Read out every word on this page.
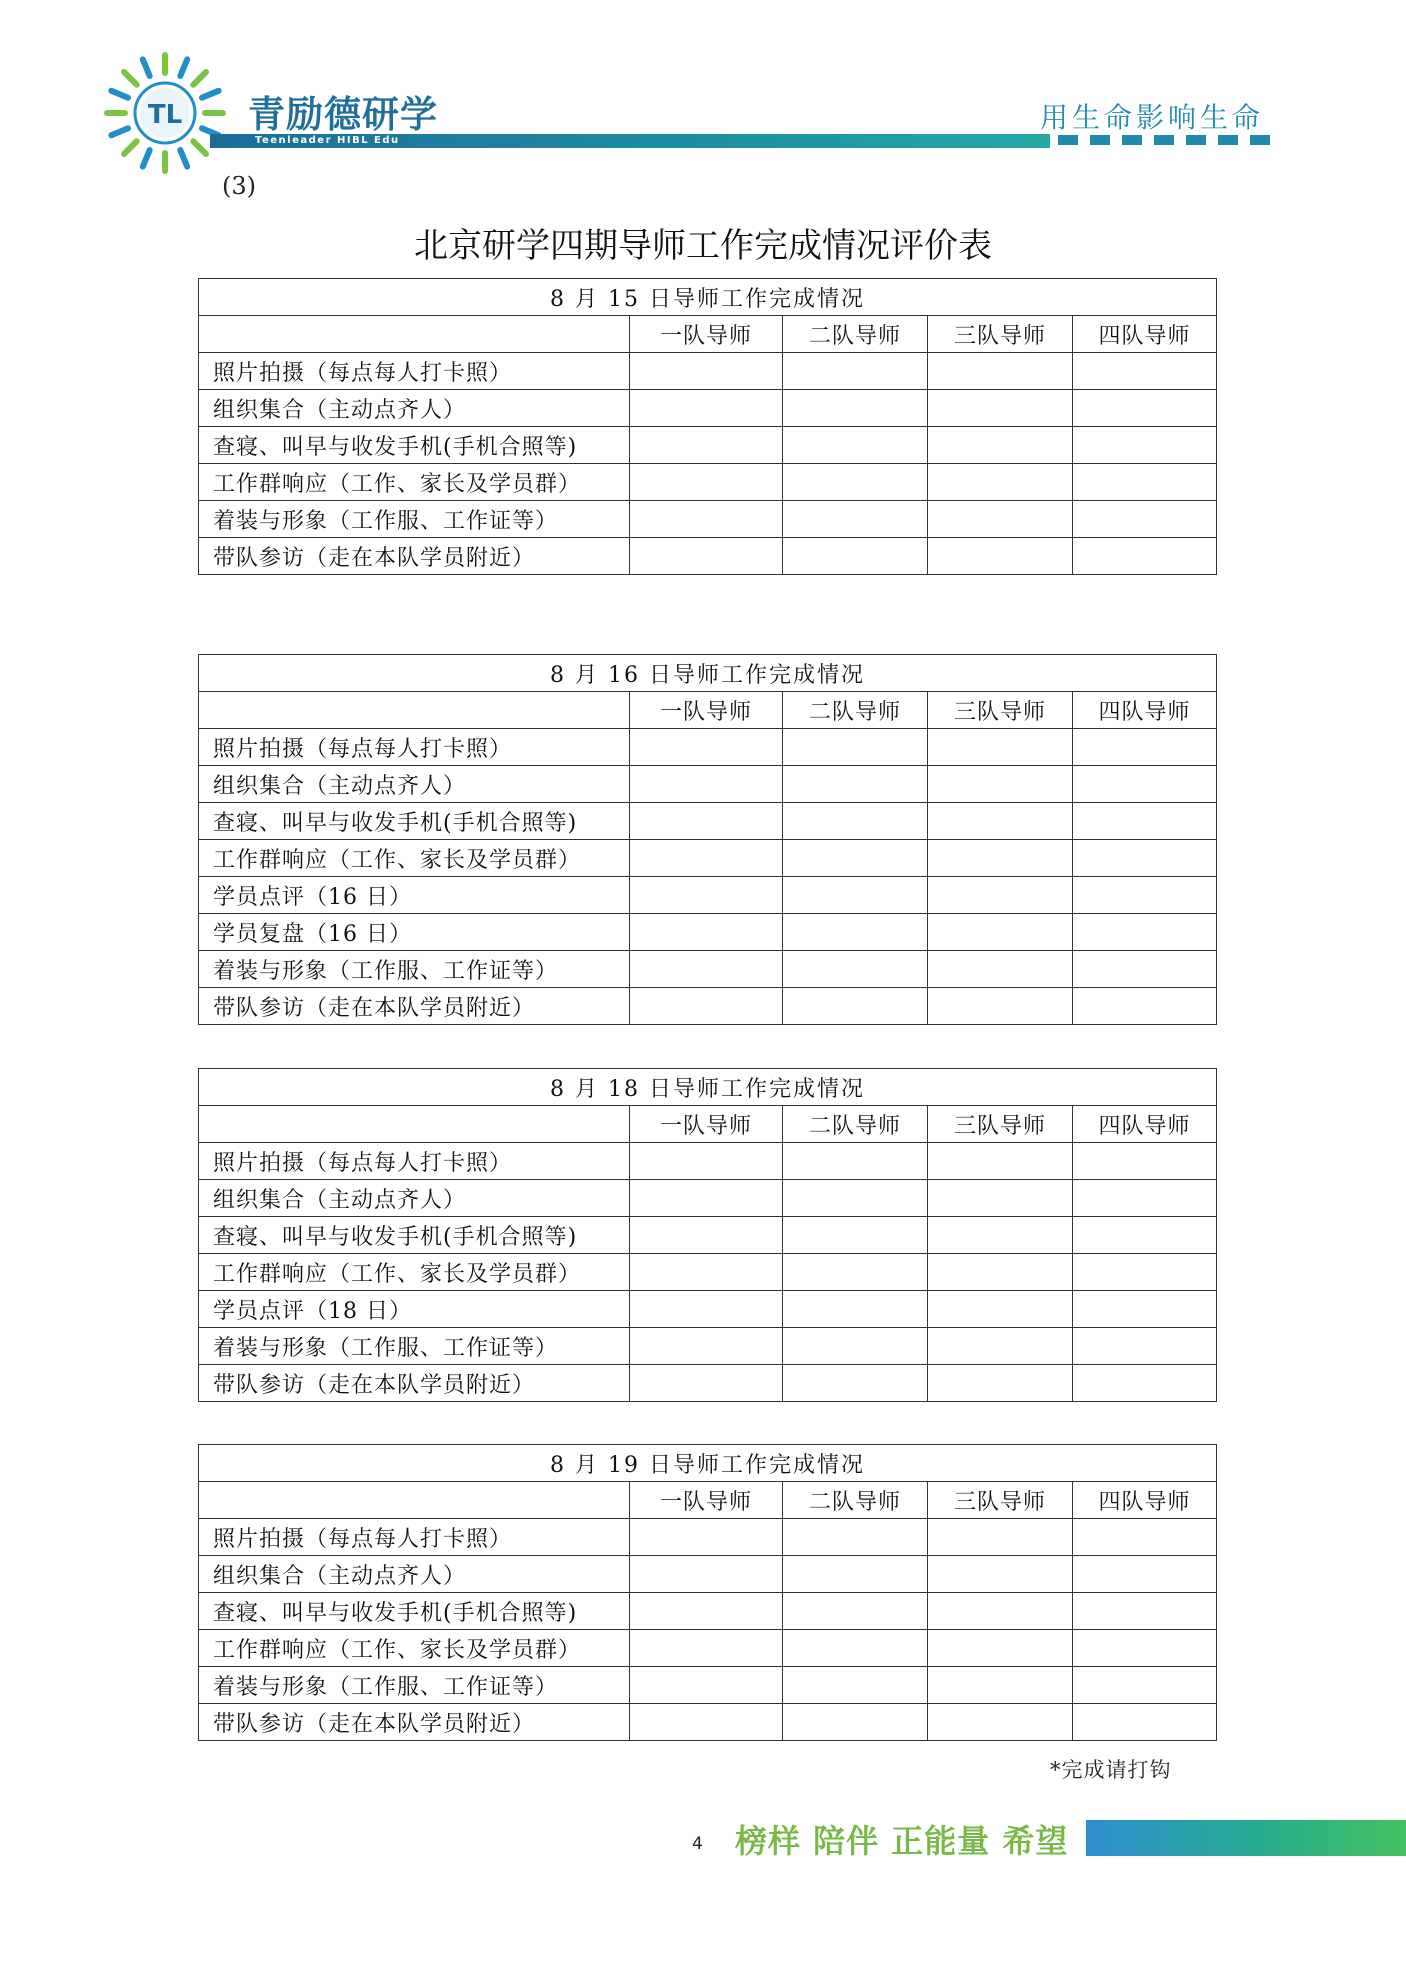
TL 青励德研学
Teenleader HIBL Edu
用生命影响生命
(3)
北京研学四期导师工作完成情况评价表
8 月 15 日导师工作完成情况				
	一队导师	二队导师	三队导师	四队导师
照片拍摄（每点每人打卡照）				
组织集合（主动点齐人）				
查寝、叫早与收发手机(手机合照等)				
工作群响应（工作、家长及学员群）				
着装与形象（工作服、工作证等）				
带队参访（走在本队学员附近）				
8 月 16 日导师工作完成情况				
	一队导师	二队导师	三队导师	四队导师
照片拍摄（每点每人打卡照）				
组织集合（主动点齐人）				
查寝、叫早与收发手机(手机合照等)				
工作群响应（工作、家长及学员群）				
学员点评（16 日）				
学员复盘（16 日）				
着装与形象（工作服、工作证等）				
带队参访（走在本队学员附近）				
8 月 18 日导师工作完成情况				
	一队导师	二队导师	三队导师	四队导师
照片拍摄（每点每人打卡照）				
组织集合（主动点齐人）				
查寝、叫早与收发手机(手机合照等)				
工作群响应（工作、家长及学员群）				
学员点评（18 日）				
着装与形象（工作服、工作证等）				
带队参访（走在本队学员附近）				
8 月 19 日导师工作完成情况				
	一队导师	二队导师	三队导师	四队导师
照片拍摄（每点每人打卡照）				
组织集合（主动点齐人）				
查寝、叫早与收发手机(手机合照等)				
工作群响应（工作、家长及学员群）				
着装与形象（工作服、工作证等）				
带队参访（走在本队学员附近）				
*完成请打钩
4 榜样 陪伴 正能量 希望
